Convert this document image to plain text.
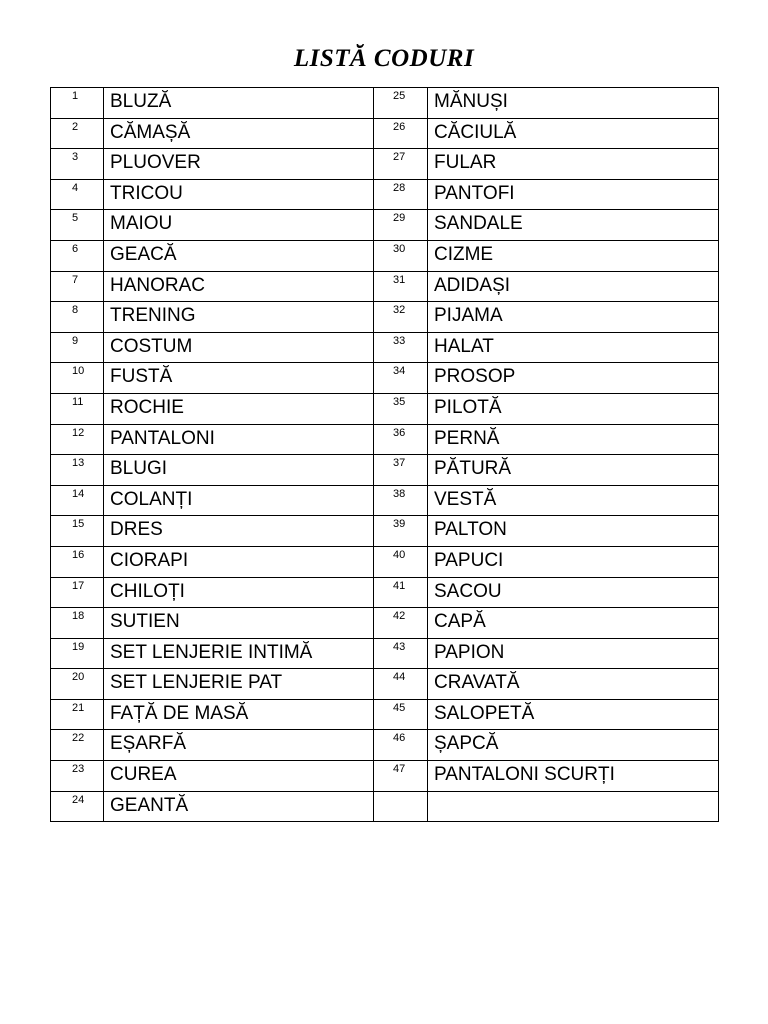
LISTĂ CODURI
1	BLUZĂ	25	MĂNUȘI
2	CĂMAȘĂ	26	CĂCIULĂ
3	PLUOVER	27	FULAR
4	TRICOU	28	PANTOFI
5	MAIOU	29	SANDALE
6	GEACĂ	30	CIZME
7	HANORAC	31	ADIDAȘI
8	TRENING	32	PIJAMA
9	COSTUM	33	HALAT
10	FUSTĂ	34	PROSOP
11	ROCHIE	35	PILOTĂ
12	PANTALONI	36	PERNĂ
13	BLUGI	37	PĂTURĂ
14	COLANȚI	38	VESTĂ
15	DRES	39	PALTON
16	CIORAPI	40	PAPUCI
17	CHILOȚI	41	SACOU
18	SUTIEN	42	CAPĂ
19	SET LENJERIE INTIMĂ	43	PAPION
20	SET LENJERIE PAT	44	CRAVATĂ
21	FAȚĂ DE MASĂ	45	SALOPETĂ
22	EȘARFĂ	46	ȘAPCĂ
23	CUREA	47	PANTALONI SCURȚI
24	GEANTĂ		
